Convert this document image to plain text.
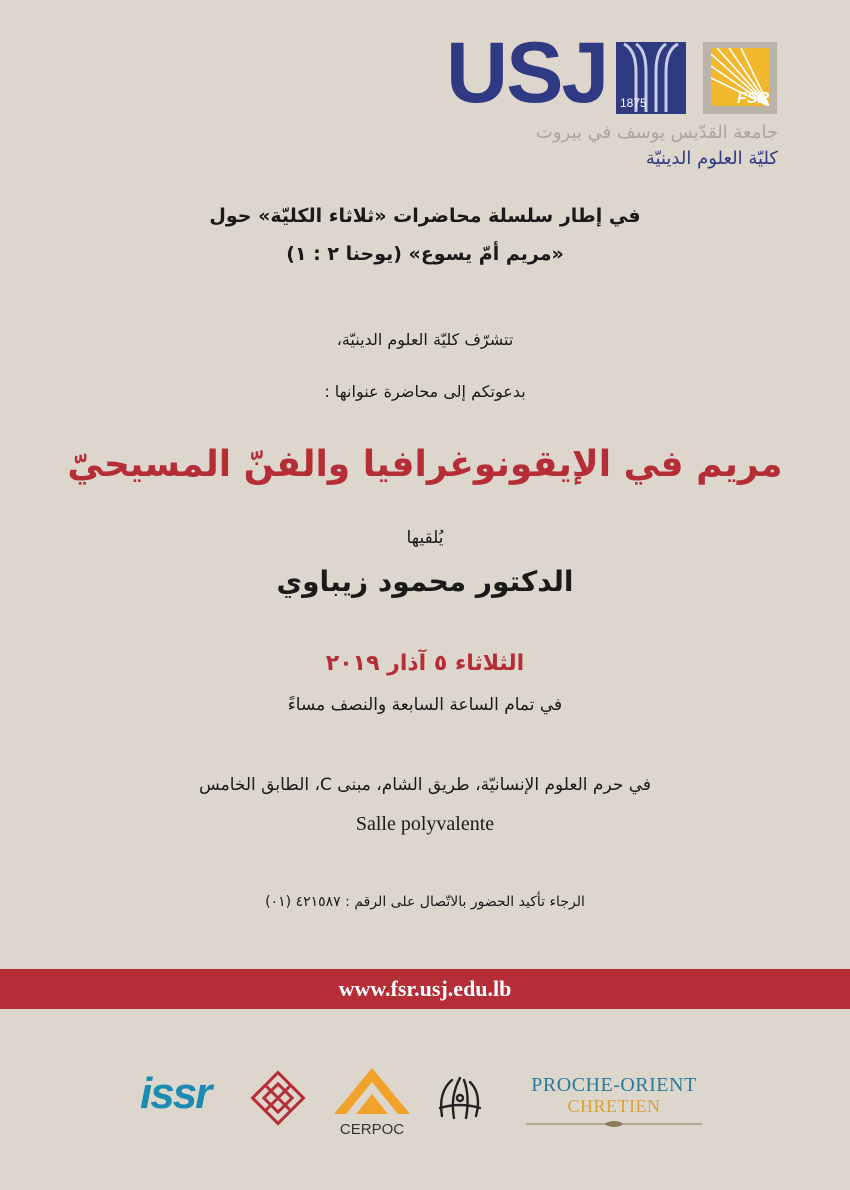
USJ 1875	FSR
جامعة القدّيس يوسف في بيروت
كليّة العلوم الدينيّة
في إطار سلسلة محاضرات «ثلاثاء الكليّة» حول
«مريم أمّ يسوع» (يوحنا ٢ : ١)
تتشرّف كليّة العلوم الدينيّة،
بدعوتكم إلى محاضرة عنوانها :
مريم في الإيقونوغرافيا والفنّ المسيحيّ
يُلقيها
الدكتور محمود زيباوي
الثلاثاء ٥ آذار ٢٠١٩
في تمام الساعة السابعة والنصف مساءً
في حرم العلوم الإنسانيّة، طريق الشام، مبنى C، الطابق الخامس
Salle polyvalente
الرجاء تأكيد الحضور بالاتّصال على الرقم : ٤٢١٥٨٧ (٠١)
www.fsr.usj.edu.lb
issr
CERPOC
PROCHE-ORIENT
CHRETIEN
